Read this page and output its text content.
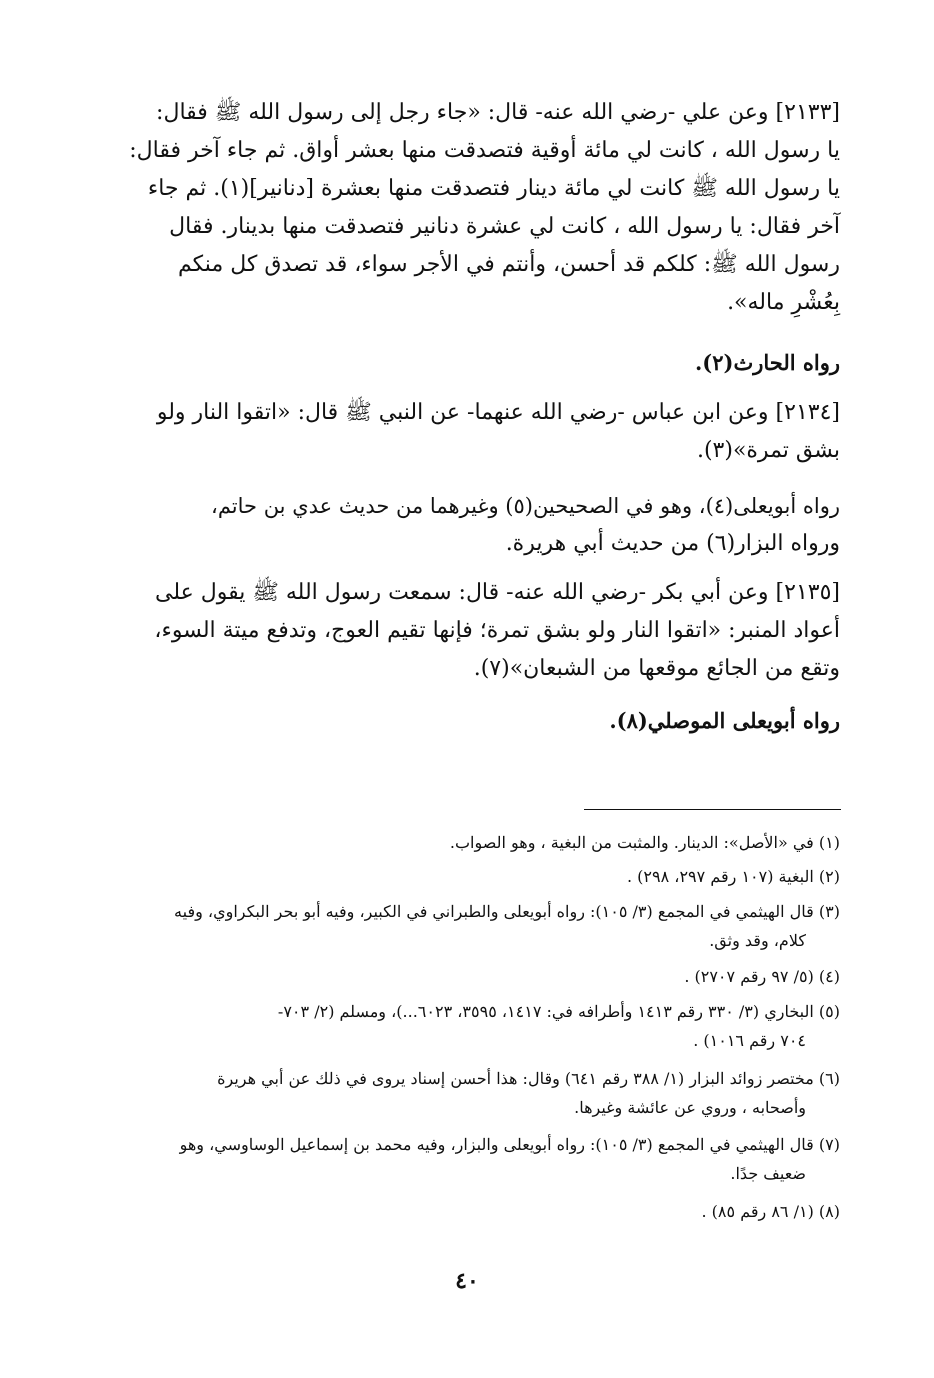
[٢١٣٣] وعن علي -رضي الله عنه- قال: «جاء رجل إلى رسول الله ﷺ فقال:
يا رسول الله ، كانت لي مائة أوقية فتصدقت منها بعشر أواق. ثم جاء آخر فقال:
يا رسول الله ﷺ كانت لي مائة دينار فتصدقت منها بعشرة [دنانير](١). ثم جاء
آخر فقال: يا رسول الله ، كانت لي عشرة دنانير فتصدقت منها بدينار. فقال
رسول الله ﷺ: كلكم قد أحسن، وأنتم في الأجر سواء، قد تصدق كل منكم
بِعُشْرِ ماله».
رواه الحارث(٢).
[٢١٣٤] وعن ابن عباس -رضي الله عنهما- عن النبي ﷺ قال: «اتقوا النار ولو
بشق تمرة»(٣).
رواه أبويعلى(٤)، وهو في الصحيحين(٥) وغيرهما من حديث عدي بن حاتم،
ورواه البزار(٦) من حديث أبي هريرة.
[٢١٣٥] وعن أبي بكر -رضي الله عنه- قال: سمعت رسول الله ﷺ يقول على
أعواد المنبر: «اتقوا النار ولو بشق تمرة؛ فإنها تقيم العوج، وتدفع ميتة السوء،
وتقع من الجائع موقعها من الشبعان»(٧).
رواه أبويعلى الموصلي(٨).
(١) في «الأصل»: الدينار. والمثبت من البغية ، وهو الصواب.
(٢) البغية (١٠٧ رقم ٢٩٧، ٢٩٨) .
(٣) قال الهيثمي في المجمع (٣/ ١٠٥): رواه أبويعلى والطبراني في الكبير، وفيه أبو بحر البكراوي، وفيه
كلام، وقد وثق.
(٤) (٥/ ٩٧ رقم ٢٧٠٧) .
(٥) البخاري (٣/ ٣٣٠ رقم ١٤١٣ وأطرافه في: ١٤١٧، ٣٥٩٥، ٦٠٢٣...)، ومسلم (٢/ ٧٠٣-
٧٠٤ رقم ١٠١٦) .
(٦) مختصر زوائد البزار (١/ ٣٨٨ رقم ٦٤١) وقال: هذا أحسن إسناد يروى في ذلك عن أبي هريرة
وأصحابه ، وروي عن عائشة وغيرها.
(٧) قال الهيثمي في المجمع (٣/ ١٠٥): رواه أبويعلى والبزار، وفيه محمد بن إسماعيل الوساوسي، وهو
ضعيف جدًا.
(٨) (١/ ٨٦ رقم ٨٥) .
٤٠
